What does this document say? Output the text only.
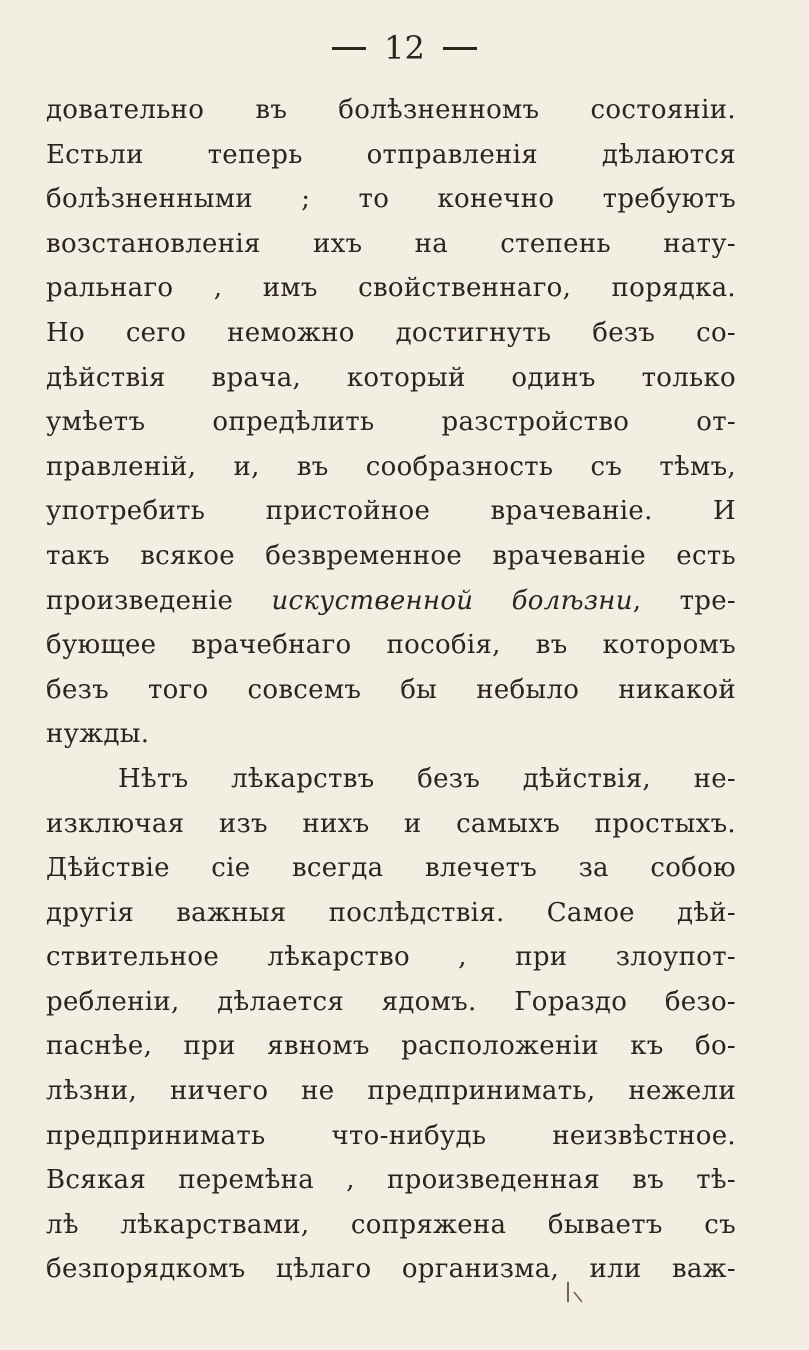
12
довательно въ болѣзненномъ состояніи.
Естьли теперь отправленія дѣлаются
болѣзненными ; то конечно требуютъ
возстановленія ихъ на степень нату-
ральнаго , имъ свойственнаго, порядка.
Но сего неможно достигнуть безъ со-
дѣйствія врача, который одинъ только
умѣетъ опредѣлить разстройство от-
правленій, и, въ сообразность съ тѣмъ,
употребить пристойное врачеваніе. И
такъ всякое безвременное врачеваніе есть
произведеніе искуственной болѣзни, тре-
бующее врачебнаго пособія, въ которомъ
безъ того совсемъ бы небыло никакой
нужды.
Нѣтъ лѣкарствъ безъ дѣйствія, не-
изключая изъ нихъ и самыхъ простыхъ.
Дѣйствіе сіе всегда влечетъ за собою
другія важныя послѣдствія. Самое дѣй-
ствительное лѣкарство , при злоупот-
ребленіи, дѣлается ядомъ. Гораздо безо-
паснѣе, при явномъ расположеніи къ бо-
лѣзни, ничего не предпринимать, нежели
предпринимать что-нибудь неизвѣстное.
Всякая перемѣна , произведенная въ тѣ-
лѣ лѣкарствами, сопряжена бываетъ съ
безпорядкомъ цѣлаго организма, или важ-
